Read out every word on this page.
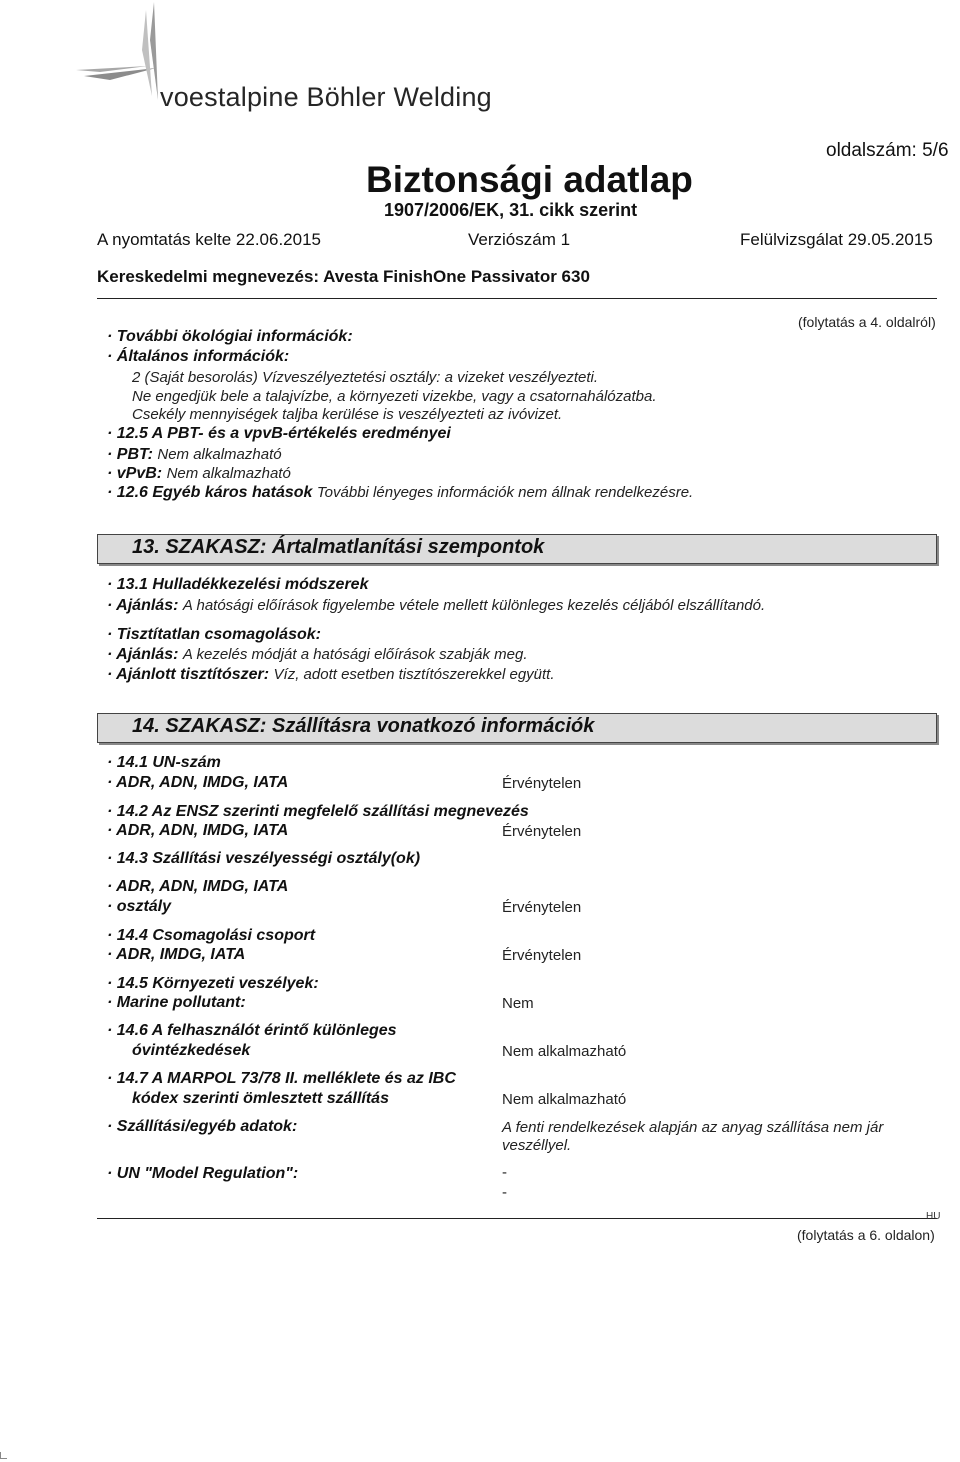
voestalpine Böhler Welding
oldalszám: 5/6
Biztonsági adatlap
1907/2006/EK, 31. cikk szerint
A nyomtatás kelte 22.06.2015	Verziószám 1	Felülvizsgálat 29.05.2015
Kereskedelmi megnevezés: Avesta FinishOne Passivator 630
(folytatás a 4. oldalról)
· További ökológiai információk:
· Általános információk:
2 (Saját besorolás) Vízveszélyeztetési osztály: a vizeket veszélyezteti.
Ne engedjük bele a talajvízbe, a környezeti vizekbe, vagy a csatornahálózatba.
Csekély mennyiségek taljba kerülése is veszélyezteti az ivóvizet.
· 12.5 A PBT- és a vpvB-értékelés eredményei
· PBT: Nem alkalmazható
· vPvB: Nem alkalmazható
· 12.6 Egyéb káros hatások További lényeges információk nem állnak rendelkezésre.
13. SZAKASZ: Ártalmatlanítási szempontok
· 13.1 Hulladékkezelési módszerek
· Ajánlás: A hatósági előírások figyelembe vétele mellett különleges kezelés céljából elszállítandó.
· Tisztítatlan csomagolások:
· Ajánlás: A kezelés módját a hatósági előírások szabják meg.
· Ajánlott tisztítószer: Víz, adott esetben tisztítószerekkel együtt.
14. SZAKASZ: Szállításra vonatkozó információk
· 14.1 UN-szám
· ADR, ADN, IMDG, IATA	Érvénytelen
· 14.2 Az ENSZ szerinti megfelelő szállítási megnevezés
· ADR, ADN, IMDG, IATA	Érvénytelen
· 14.3 Szállítási veszélyességi osztály(ok)
· ADR, ADN, IMDG, IATA
· osztály	Érvénytelen
· 14.4 Csomagolási csoport
· ADR, IMDG, IATA	Érvénytelen
· 14.5 Környezeti veszélyek:
· Marine pollutant:	Nem
· 14.6 A felhasználót érintő különleges
óvintézkedések	Nem alkalmazható
· 14.7 A MARPOL 73/78 II. melléklete és az IBC
kódex szerinti ömlesztett szállítás	Nem alkalmazható
· Szállítási/egyéb adatok:	A fenti rendelkezések alapján az anyag szállítása nem jár
veszéllyel.
· UN "Model Regulation":	-
-
HU
(folytatás a 6. oldalon)
